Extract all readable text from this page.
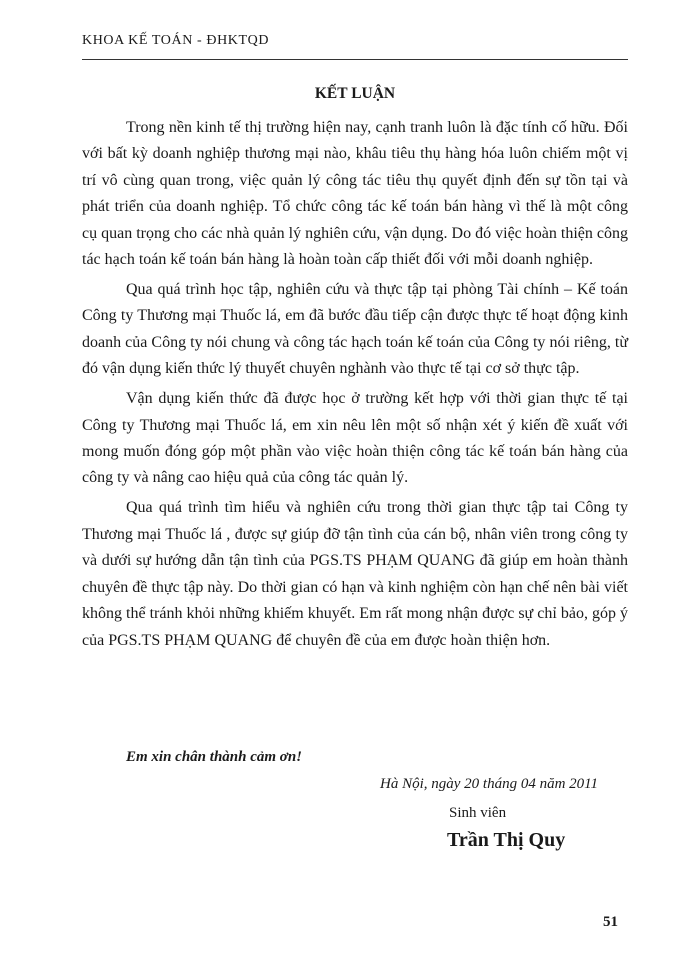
KHOA KẾ TOÁN - ĐHKTQD
KẾT LUẬN

Trong nền kinh tế thị trường hiện nay, cạnh tranh luôn là đặc tính cố hữu. Đối với bất kỳ doanh nghiệp thương mại nào, khâu tiêu thụ hàng hóa luôn chiếm một vị trí vô cùng quan trong, việc quản lý công tác tiêu thụ quyết định đến sự tồn tại và phát triển của doanh nghiệp. Tổ chức công tác kế toán bán hàng vì thế là một công cụ quan trọng cho các nhà quản lý nghiên cứu, vận dụng. Do đó việc hoàn thiện công tác hạch toán kế toán bán hàng là hoàn toàn cấp thiết đối với mỗi doanh nghiệp.

Qua quá trình học tập, nghiên cứu và thực tập tại phòng Tài chính – Kế toán Công ty Thương mại Thuốc lá, em đã bước đầu tiếp cận được thực tế hoạt động kinh doanh của Công ty nói chung và công tác hạch toán kế toán của Công ty nói riêng, từ đó vận dụng kiến thức lý thuyết chuyên nghành vào thực tế tại cơ sở thực tập.

Vận dụng kiến thức đã được học ở trường kết hợp với thời gian thực tế tại Công ty Thương mại Thuốc lá, em xin nêu lên một số nhận xét ý kiến đề xuất với mong muốn đóng góp một phần vào việc hoàn thiện công tác kế toán bán hàng của công ty và nâng cao hiệu quả của công tác quản lý.

Qua quá trình tìm hiểu và nghiên cứu trong thời gian thực tập tai Công ty Thương mại Thuốc lá , được sự giúp đỡ tận tình của cán bộ, nhân viên trong công ty và dưới sự hướng dẫn tận tình của PGS.TS PHẠM QUANG đã giúp em hoàn thành chuyên đề thực tập này. Do thời gian có hạn và kinh nghiệm còn hạn chế nên bài viết không thể tránh khỏi những khiếm khuyết. Em rất mong nhận được sự chỉ bảo, góp ý của PGS.TS PHẠM QUANG để chuyên đề của em được hoàn thiện hơn.

Em xin chân thành cảm ơn!
Hà Nội, ngày 20 tháng 04 năm 2011
Sinh viên
Trần Thị Quy
51
